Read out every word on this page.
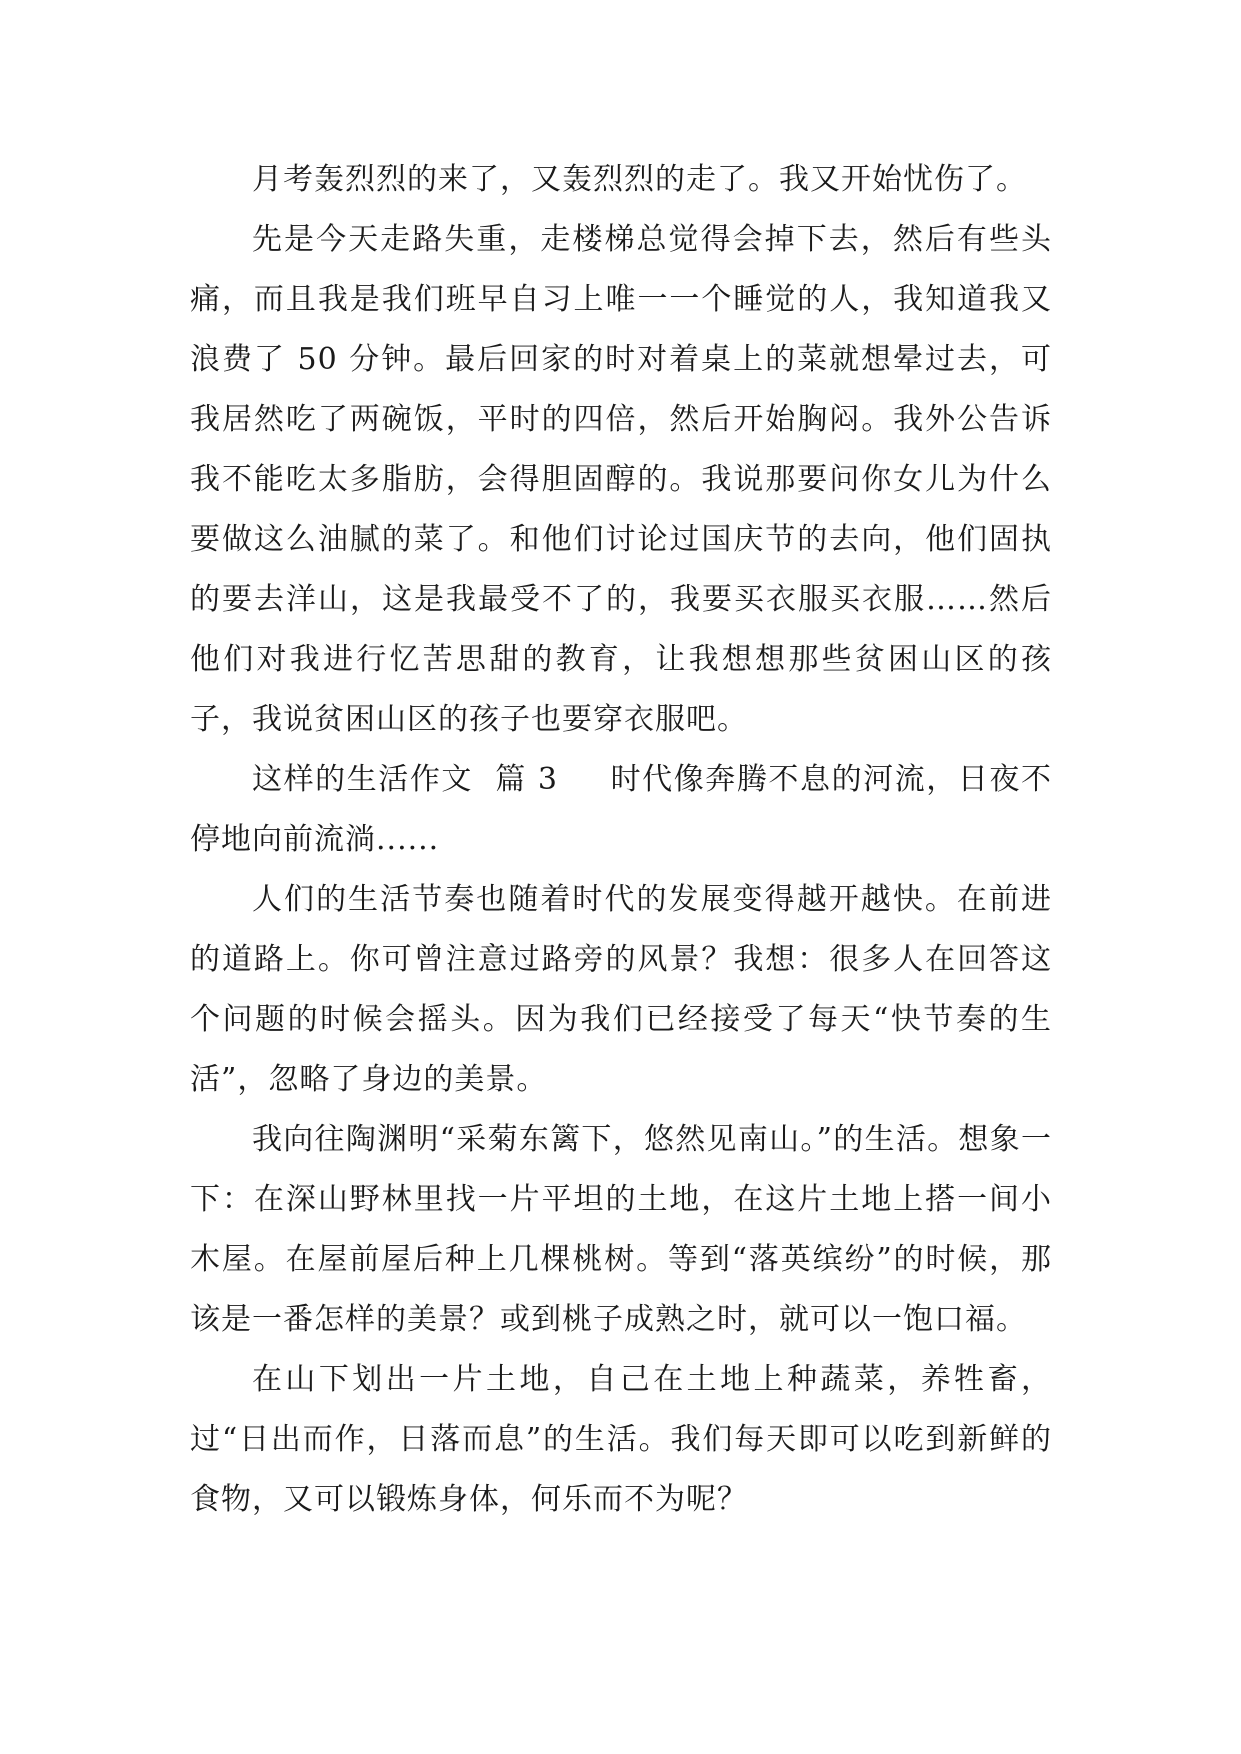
月考轰烈烈的来了，又轰烈烈的走了。我又开始忧伤了。

先是今天走路失重，走楼梯总觉得会掉下去，然后有些头痛，而且我是我们班早自习上唯一一个睡觉的人，我知道我又浪费了 50 分钟。最后回家的时对着桌上的菜就想晕过去，可我居然吃了两碗饭，平时的四倍，然后开始胸闷。我外公告诉我不能吃太多脂肪，会得胆固醇的。我说那要问你女儿为什么要做这么油腻的菜了。和他们讨论过国庆节的去向，他们固执的要去洋山，这是我最受不了的，我要买衣服买衣服……然后他们对我进行忆苦思甜的教育，让我想想那些贫困山区的孩子，我说贫困山区的孩子也要穿衣服吧。

这样的生活作文  篇 3 时代像奔腾不息的河流，日夜不停地向前流淌......

人们的生活节奏也随着时代的发展变得越开越快。在前进的道路上。你可曾注意过路旁的风景？我想：很多人在回答这个问题的时候会摇头。因为我们已经接受了每天“快节奏的生活”，忽略了身边的美景。

我向往陶渊明“采菊东篱下，悠然见南山。”的生活。想象一下：在深山野林里找一片平坦的土地，在这片土地上搭一间小木屋。在屋前屋后种上几棵桃树。等到“落英缤纷”的时候，那该是一番怎样的美景？或到桃子成熟之时，就可以一饱口福。

在山下划出一片土地，自己在土地上种蔬菜，养牲畜，过“日出而作，日落而息”的生活。我们每天即可以吃到新鲜的食物，又可以锻炼身体，何乐而不为呢？
